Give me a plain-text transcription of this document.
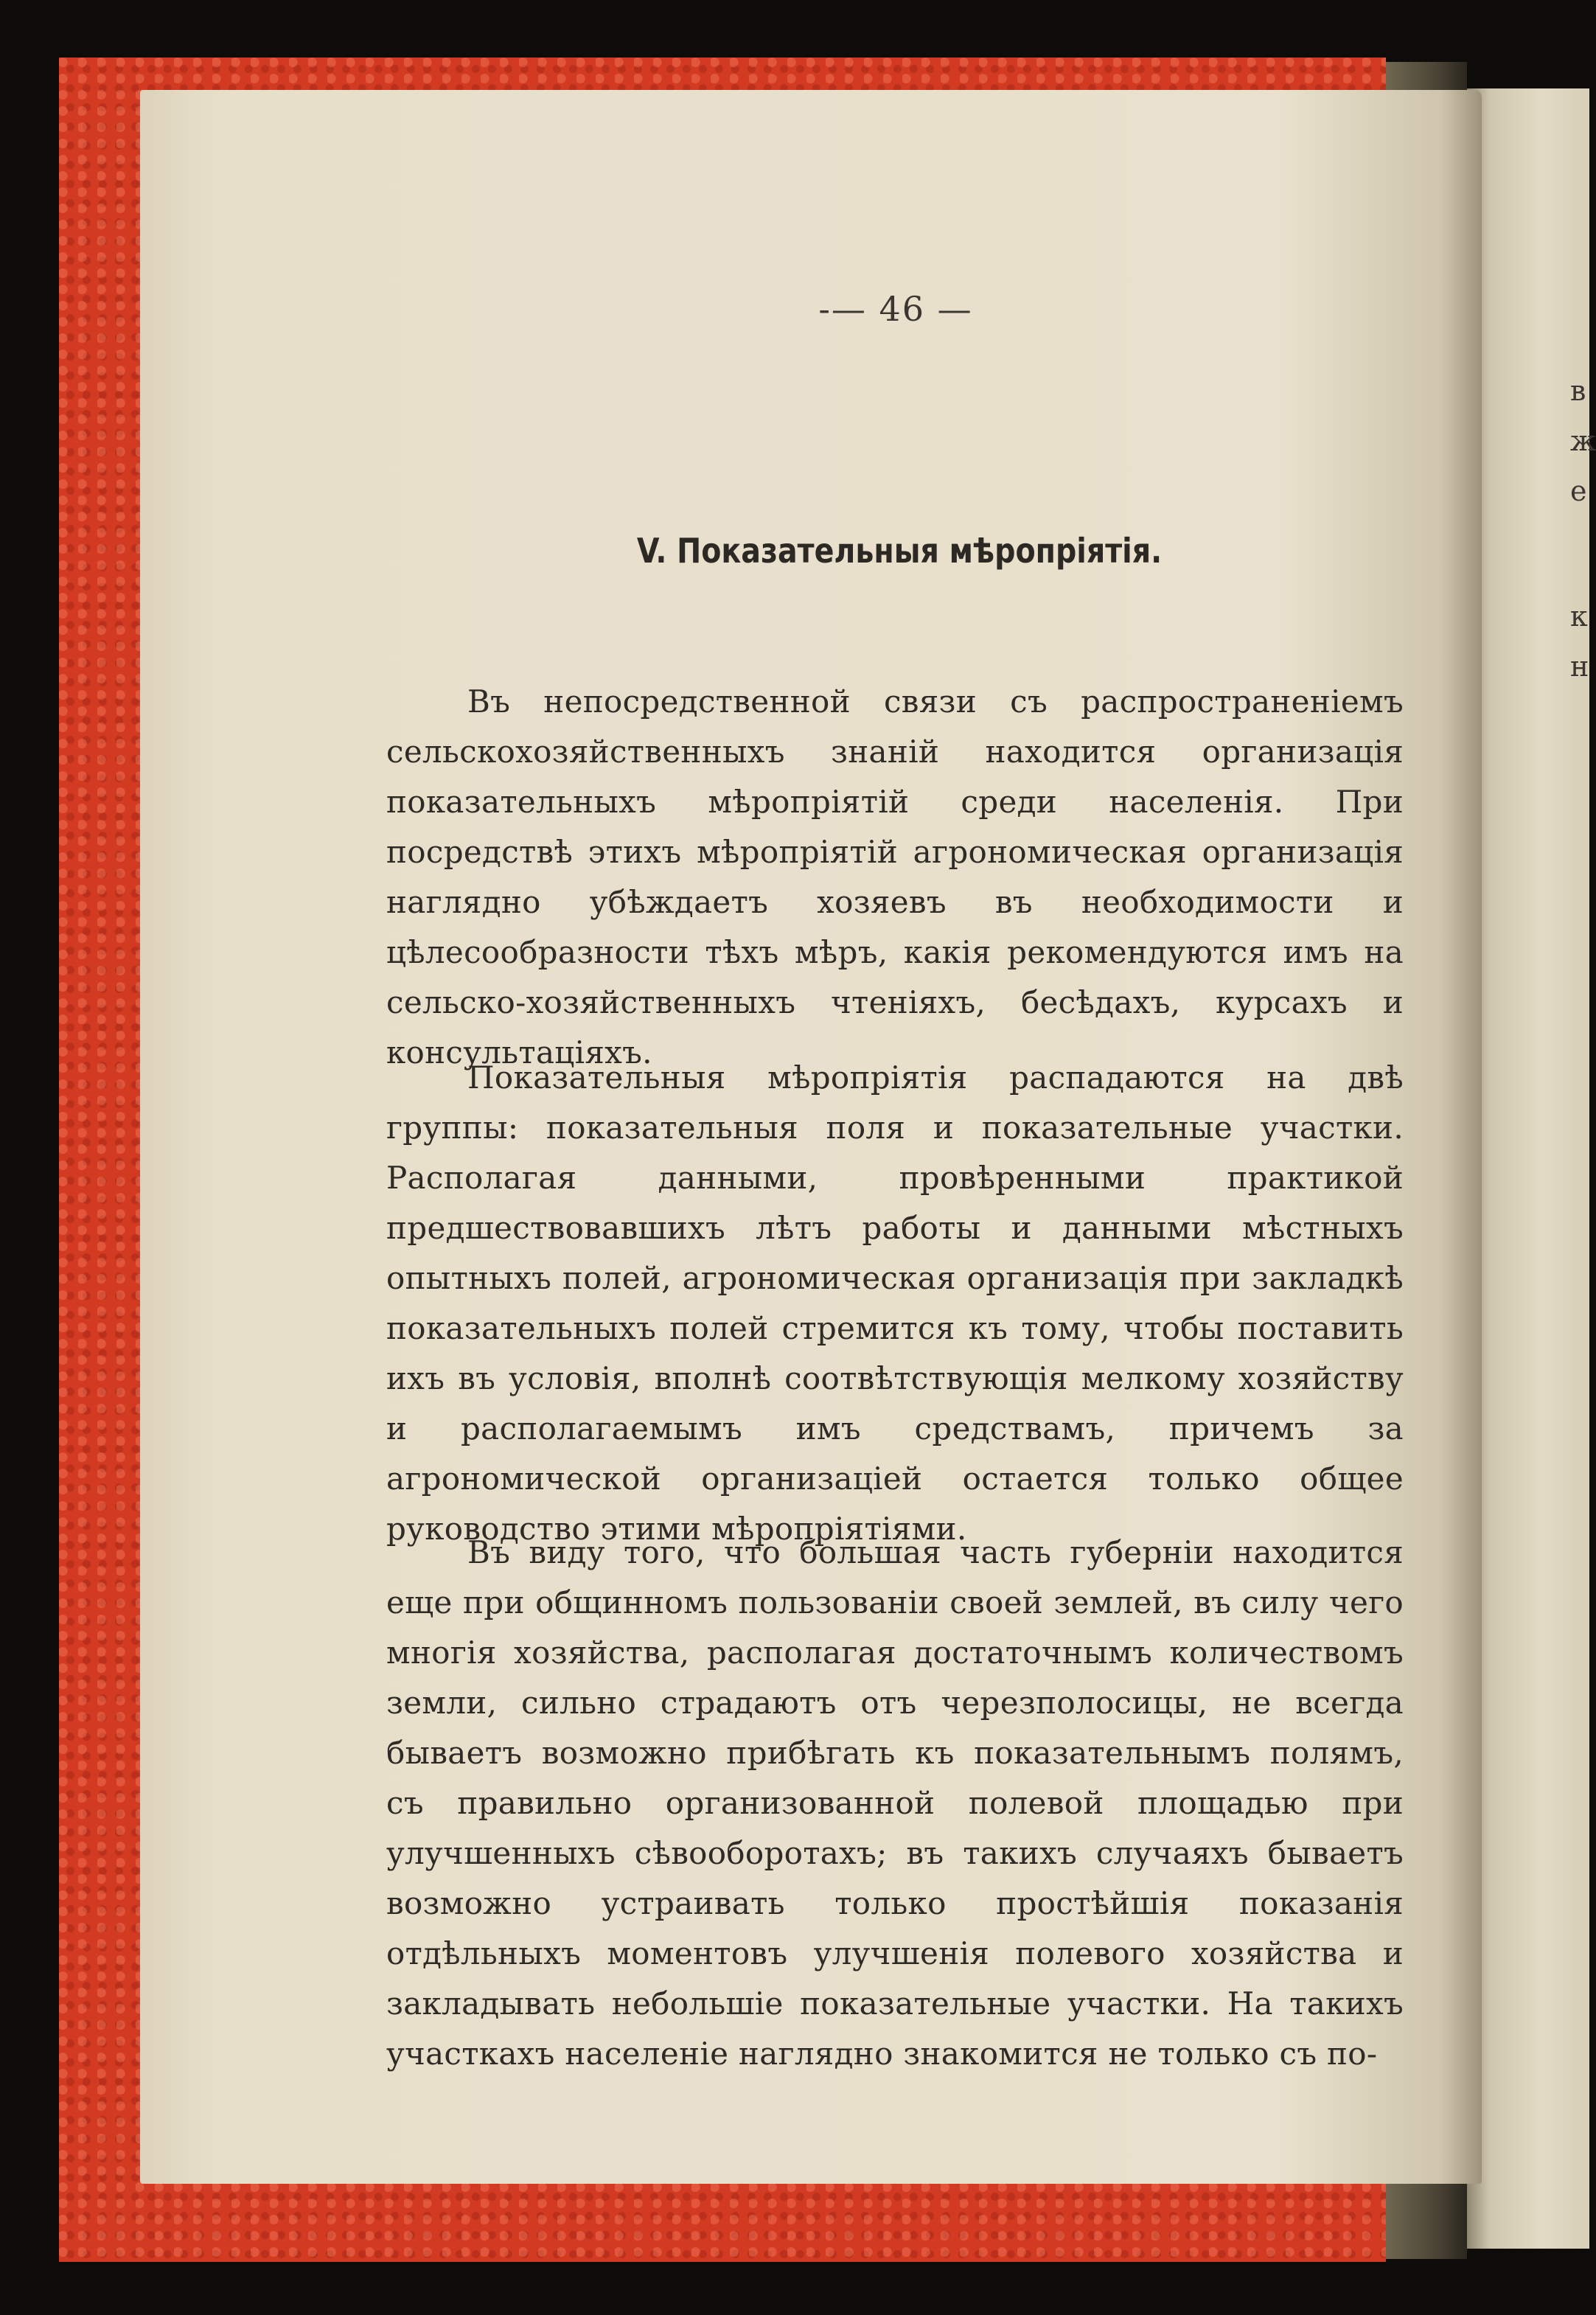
в
ж
е
к
н
-— 46 —
V. Показательныя мѣропріятія.

Въ непосредственной связи съ распространеніемъ сельскохозяйственныхъ знаній находится организація показательныхъ мѣропріятій среди населенія. При посредствѣ этихъ мѣропріятій агрономическая организація наглядно убѣждаетъ хозяевъ въ необходимости и цѣлесообразности тѣхъ мѣръ, какія рекомендуются имъ на сельско-хозяйственныхъ чтеніяхъ, бесѣдахъ, курсахъ и консультаціяхъ.

Показательныя мѣропріятія распадаются на двѣ группы: показательныя поля и показательные участки. Располагая данными, провѣренными практикой предшествовавшихъ лѣтъ работы и данными мѣстныхъ опытныхъ полей, агрономическая организація при закладкѣ показательныхъ полей стремится къ тому, чтобы поставить ихъ въ условія, вполнѣ соотвѣтствующія мелкому хозяйству и располагаемымъ имъ средствамъ, причемъ за агрономической организаціей остается только общее руководство этими мѣропріятіями.

Въ виду того, что большая часть губерніи находится еще при общинномъ пользованіи своей землей, въ силу чего многія хозяйства, располагая достаточнымъ количествомъ земли, сильно страдаютъ отъ черезполосицы, не всегда бываетъ возможно прибѣгать къ показательнымъ полямъ, съ правильно организованной полевой площадью при улучшенныхъ сѣвооборотахъ; въ такихъ случаяхъ бываетъ возможно устраивать только простѣйшія показанія отдѣльныхъ моментовъ улучшенія полевого хозяйства и закладывать небольшіе показательные участки. На такихъ участкахъ населеніе наглядно знакомится не только съ по-
